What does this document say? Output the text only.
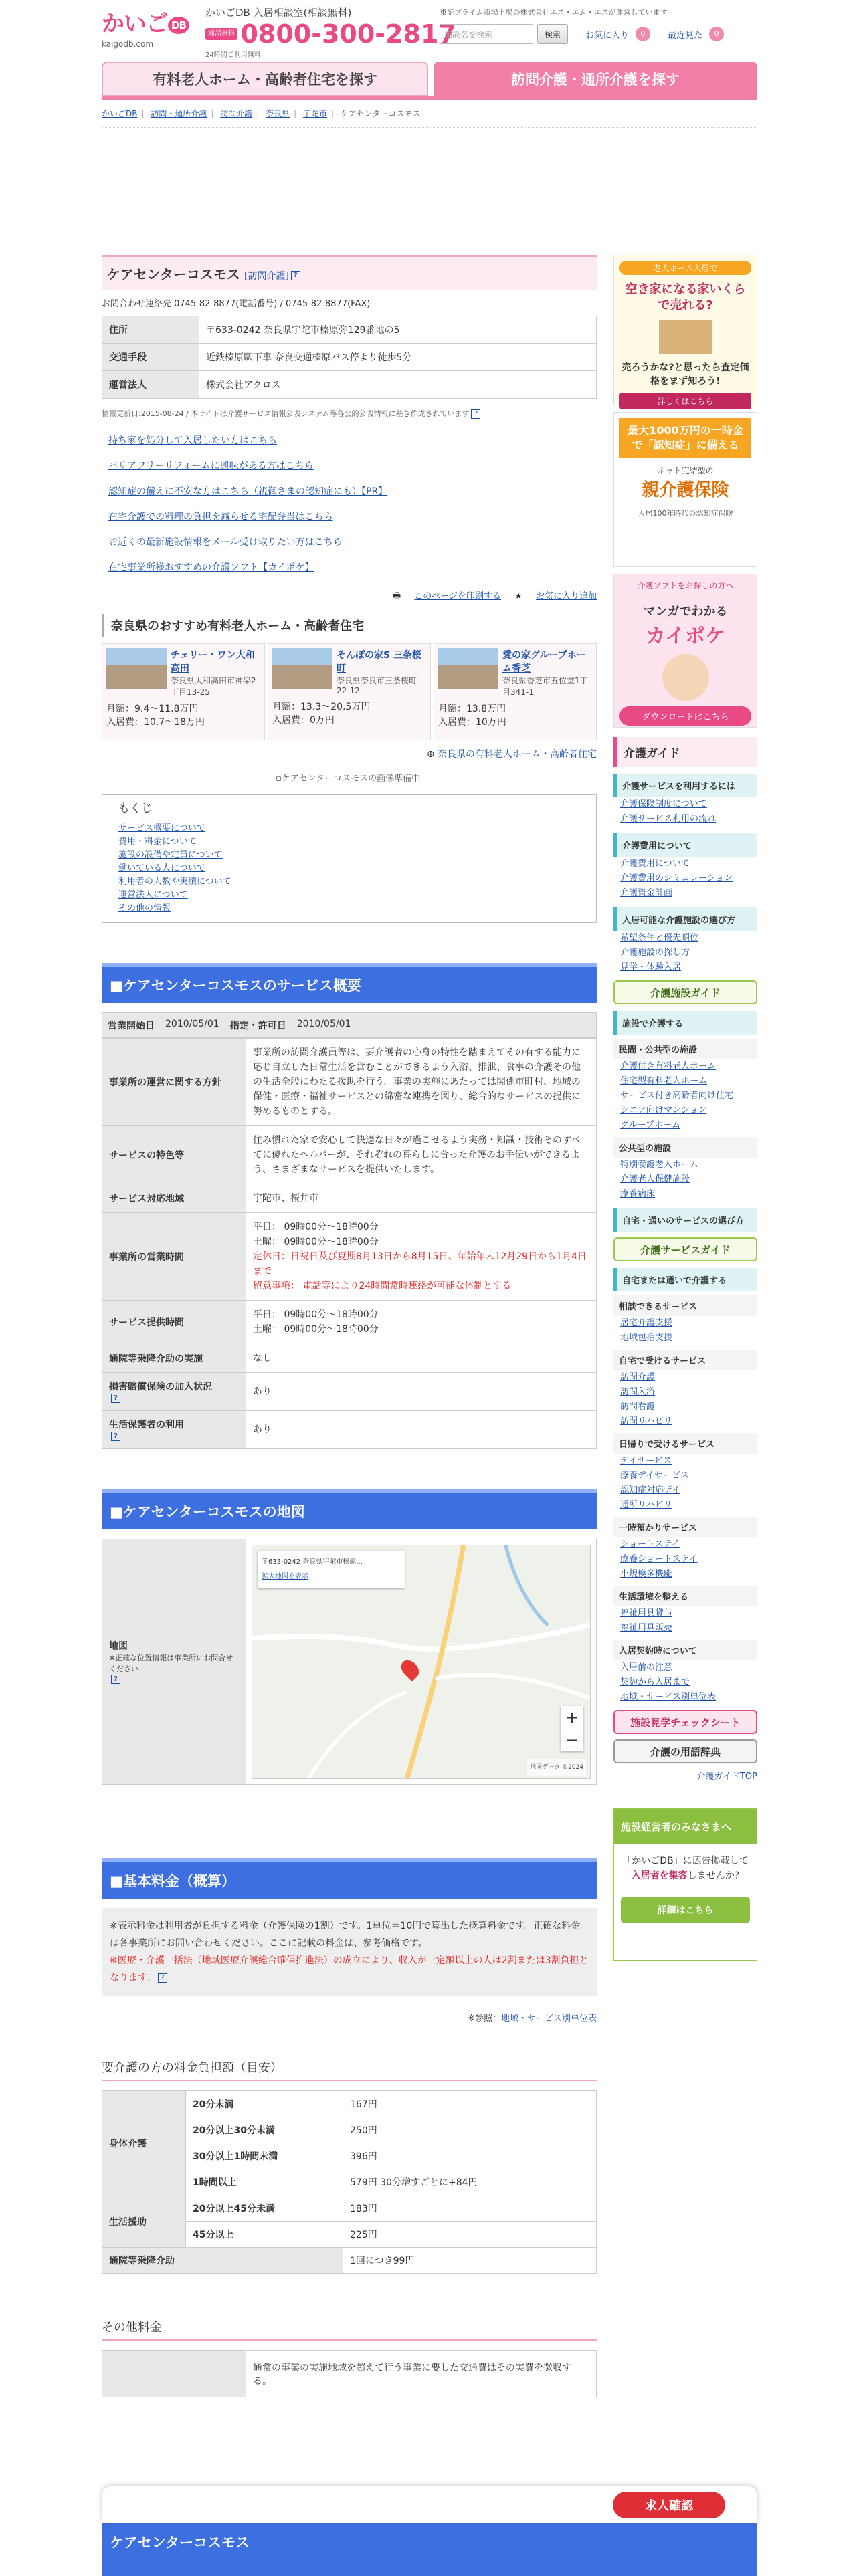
かいご DB
kaigodb.com
かいごDB 入居相談室(相談無料)
通話無料 0800-300-2817
24時間ご利用無料
東証プライム市場上場の株式会社エス・エム・エスが運営しています
施設名を検索	検索	お気に入り	0	最近見た	0
有料老人ホーム・高齢者住宅を探す	訪問介護・通所介護を探す
かいごDB | 訪問・通所介護 | 訪問介護 | 奈良県 | 宇陀市 | ケアセンターコスモス
ケアセンターコスモス [訪問介護] ?
お問合わせ連絡先 0745-82-8877(電話番号) / 0745-82-8877(FAX)
住所	〒633-0242 奈良県宇陀市榛原弥129番地の5
交通手段	近鉄榛原駅下車 奈良交通榛原バス停より徒歩5分
運営法人	株式会社アクロス
情報更新日:2015-08-24 / 本サイトは介護サービス情報公表システム等各公的公表情報に基き作成されています ?
持ち家を処分して入居したい方はこちら
バリアフリーリフォームに興味がある方はこちら
認知症の備えに不安な方はこちら（親御さまの認知症にも）【PR】
在宅介護での料理の負担を減らせる宅配弁当はこちら
お近くの最新施設情報をメール受け取りたい方はこちら
在宅事業所様おすすめの介護ソフト【カイポケ】
🖶 このページを印刷する ★ お気に入り追加
奈良県のおすすめ有料老人ホーム・高齢者住宅
チェリー・ワン大和高田
奈良県大和高田市神楽2丁目13-25
月額：9.4〜11.8万円
入居費：10.7〜18万円
そんぽの家S 三条桜町
奈良県奈良市三条桜町22-12
月額：13.3〜20.5万円
入居費：0万円
愛の家グループホーム香芝
奈良県香芝市五位堂1丁目341-1
月額：13.8万円
入居費：10万円
⊕ 奈良県の有料老人ホーム・高齢者住宅
▫ケアセンターコスモスの画像準備中
もくじ
サービス概要について
費用・料金について
施設の設備や定員について
働いている人について
利用者の人数や実績について
運営法人について
その他の情報
■ケアセンターコスモスのサービス概要
営業開始日	2010/05/01	指定・許可日	2010/05/01
事業所の運営に関する方針	事業所の訪問介護員等は、要介護者の心身の特性を踏まえてその有する能力に応じ自立した日常生活を営むことができるよう入浴、排泄、食事の介護その他の生活全般にわたる援助を行う。事業の実施にあたっては関係市町村、地域の保健・医療・福祉サービスとの綿密な連携を図り、総合的なサービスの提供に努めるものとする。
サービスの特色等	住み慣れた家で安心して快適な日々が過ごせるよう実務・知識・技術そのすべてに優れたヘルパーが、それぞれの暮らしに合った介護のお手伝いができるよう、さまざまなサービスを提供いたします。
サービス対応地域	宇陀市、桜井市
事業所の営業時間	平日： 09時00分～18時00分
土曜： 09時00分～18時00分
定休日：日祝日及び夏期8月13日から8月15日、年始年末12月29日から1月4日まで
留意事項： 電話等により24時間常時連絡が可能な体制とする。

サービス提供時間	平日： 09時00分～18時00分
土曜： 09時00分～18時00分

通院等乗降介助の実施	なし
損害賠償保険の加入状況
?	あり
生活保護者の利用
?	あり
■ケアセンターコスモスの地図
地図
※正確な位置情報は事業所にお問合せください
?	
〒633-0242 奈良県宇陀市榛原...
拡大地図を表示
+
−
地図データ ©2024
■基本料金（概算）
※表示料金は利用者が負担する料金（介護保険の1割）です。1単位＝10円で算出した概算料金です。正確な料金は各事業所にお問い合わせください。ここに記載の料金は、参考価格です。
※医療・介護一括法（地域医療介護総合確保推進法）の成立により、収入が一定額以上の人は2割または3割負担となります。 ?
※参照：地域・サービス別単位表
要介護の方の料金負担額（目安）
身体介護	20分未満	167円
	20分以上30分未満	250円
	30分以上1時間未満	396円
	1時間以上	579円 30分増すごとに+84円
生活援助	20分以上45分未満	183円
	45分以上	225円
通院等乗降介助		1回につき99円
その他料金
	通常の事業の実施地域を超えて行う事業に要した交通費はその実費を徴収する。
老人ホーム入居で
空き家になる家いくらで売れる?
売ろうかな?と思ったら査定価格をまず知ろう!
詳しくはこちら
最大1000万円の一時金で「認知症」に備える
ネット完結型の
親介護保険
入居100年時代の認知症保険
介護ソフトをお探しの方へ
マンガでわかる
カイポケ
ダウンロードはこちら
介護ガイド
介護サービスを利用するには
介護保険制度について
介護サービス利用の流れ
介護費用について
介護費用について
介護費用のシミュレーション
介護資金計画
入居可能な介護施設の選び方
希望条件と優先順位
介護施設の探し方
見学・体験入居
介護施設ガイド
施設で介護する
民間・公共型の施設
介護付き有料老人ホーム
住宅型有料老人ホーム
サービス付き高齢者向け住宅
シニア向けマンション
グループホーム
公共型の施設
特別養護老人ホーム
介護老人保健施設
療養病床
自宅・通いのサービスの選び方
介護サービスガイド
自宅または通いで介護する
相談できるサービス
居宅介護支援
地域包括支援
自宅で受けるサービス
訪問介護
訪問入浴
訪問看護
訪問リハビリ
日帰りで受けるサービス
デイサービス
療養デイサービス
認知症対応デイ
通所リハビリ
一時預かりサービス
ショートステイ
療養ショートステイ
小規模多機能
生活環境を整える
福祉用具貸与
福祉用具販売
入居契約時について
入居前の注意
契約から入居まで
地域・サービス別単位表
施設見学チェックシート
介護の用語辞典
介護ガイドTOP
施設経営者のみなさまへ
「かいごDB」に広告掲載して
入居者を集客しませんか?
詳細はこちら
求人確認
ケアセンターコスモス
